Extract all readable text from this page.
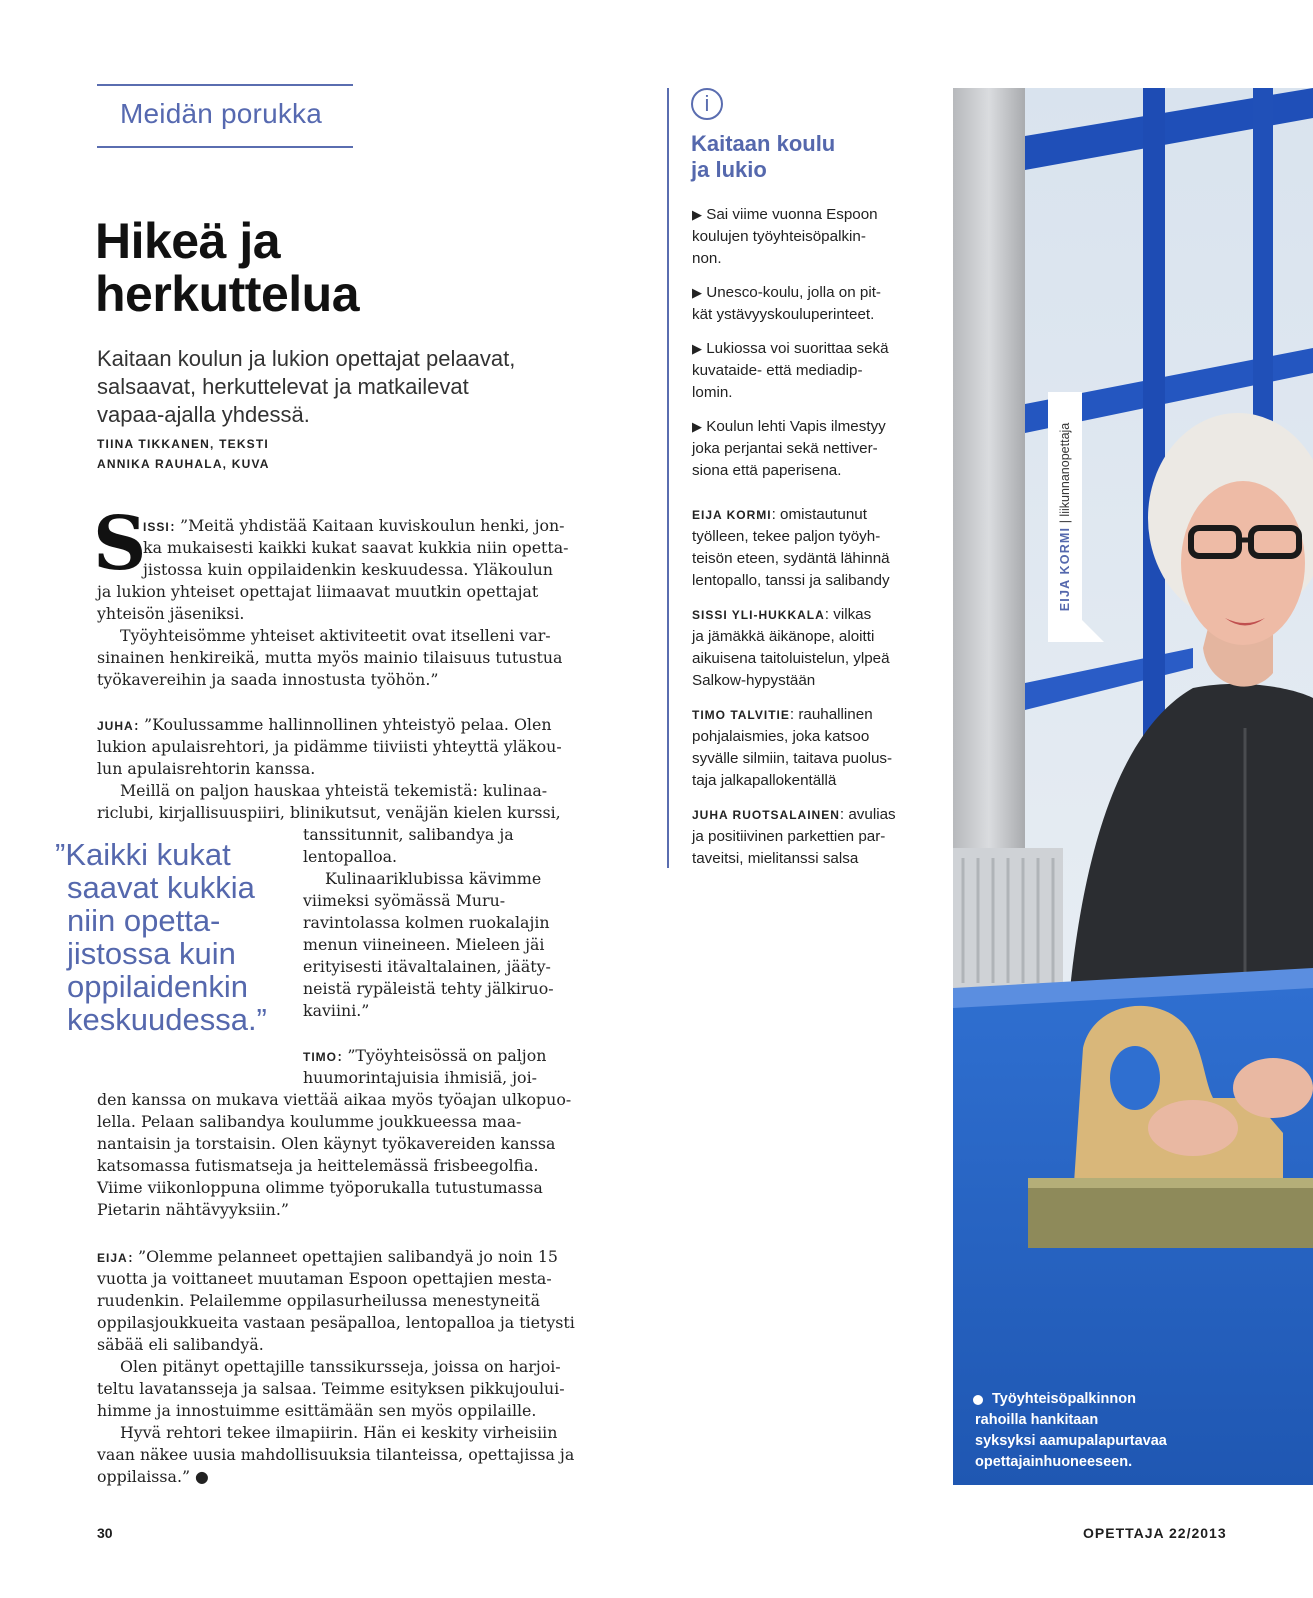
Meidän porukka
Hikeä ja
herkuttelua
Kaitaan koulun ja lukion opettajat pelaavat,
salsaavat, herkuttelevat ja matkailevat
vapaa-ajalla yhdessä.
TIINA TIKKANEN, TEKSTI
ANNIKA RAUHALA, KUVA
S
ISSI: ”Meitä yhdistää Kaitaan kuviskoulun henki, jon-
ka mukaisesti kaikki kukat saavat kukkia niin opetta-
jistossa kuin oppilaidenkin keskuudessa. Yläkoulun
ja lukion yhteiset opettajat liimaavat muutkin opettajat
yhteisön jäseniksi.
Työyhteisömme yhteiset aktiviteetit ovat itselleni var-
sinainen henkireikä, mutta myös mainio tilaisuus tutustua
työkavereihin ja saada innostusta työhön.”
JUHA: ”Koulussamme hallinnollinen yhteistyö pelaa. Olen
lukion apulaisrehtori, ja pidämme tiiviisti yhteyttä yläkou-
lun apulaisrehtorin kanssa.
Meillä on paljon hauskaa yhteistä tekemistä: kulinaa-
riclubi, kirjallisuuspiiri, blinikutsut, venäjän kielen kurssi,
tanssitunnit, salibandya ja
lentopalloa.
Kulinaariklubissa kävimme
viimeksi syömässä Muru-
ravintolassa kolmen ruokalajin
menun viineineen. Mieleen jäi
erityisesti itävaltalainen, jääty-
neistä rypäleistä tehty jälkiruo-
kaviini.”
”Kaikki kukat
saavat kukkia
niin opetta-
jistossa kuin
oppilaidenkin
keskuudessa.”
TIMO: ”Työyhteisössä on paljon
huumorintajuisia ihmisiä, joi-
den kanssa on mukava viettää aikaa myös työajan ulkopuo-
lella. Pelaan salibandya koulumme joukkueessa maa-
nantaisin ja torstaisin. Olen käynyt työkavereiden kanssa
katsomassa futismatseja ja heittelemässä frisbeegolfia.
Viime viikonloppuna olimme työporukalla tutustumassa
Pietarin nähtävyyksiin.”
EIJA: ”Olemme pelanneet opettajien salibandyä jo noin 15
vuotta ja voittaneet muutaman Espoon opettajien mesta-
ruudenkin. Pelailemme oppilasurheilussa menestyneitä
oppilasjoukkueita vastaan pesäpalloa, lentopalloa ja tietysti
säbää eli salibandyä.
Olen pitänyt opettajille tanssikursseja, joissa on harjoi-
teltu lavatansseja ja salsaa. Teimme esityksen pikkujoului-
himme ja innostuimme esittämään sen myös oppilaille.
Hyvä rehtori tekee ilmapiirin. Hän ei keskity virheisiin
vaan näkee uusia mahdollisuuksia tilanteissa, opettajissa ja
oppilaissa.” ●
i
Kaitaan koulu
ja lukio
▶ Sai viime vuonna Espoon
koulujen työyhteisöpalkin-
non.
▶ Unesco-koulu, jolla on pit-
kät ystävyyskouluperinteet.
▶ Lukiossa voi suorittaa sekä
kuvataide- että mediadip-
lomin.
▶ Koulun lehti Vapis ilmestyy
joka perjantai sekä nettiver-
siona että paperisena.
EIJA KORMI: omistautunut
työlleen, tekee paljon työyh-
teisön eteen, sydäntä lähinnä
lentopallo, tanssi ja salibandy
SISSI YLI-HUKKALA: vilkas
ja jämäkkä äikänope, aloitti
aikuisena taitoluistelun, ylpeä
Salkow-hypystään
TIMO TALVITIE: rauhallinen
pohjalaismies, joka katsoo
syvälle silmiin, taitava puolus-
taja jalkapallokentällä
JUHA RUOTSALAINEN: avulias
ja positiivinen parkettien par-
taveitsi, mielitanssi salsa
EIJA KORMI | liikunnanopettaja
Työyhteisöpalkinnon
rahoilla hankitaan
syksyksi aamupalapurtavaa
opettajainhuoneeseen.
30	OPETTAJA 22/2013
